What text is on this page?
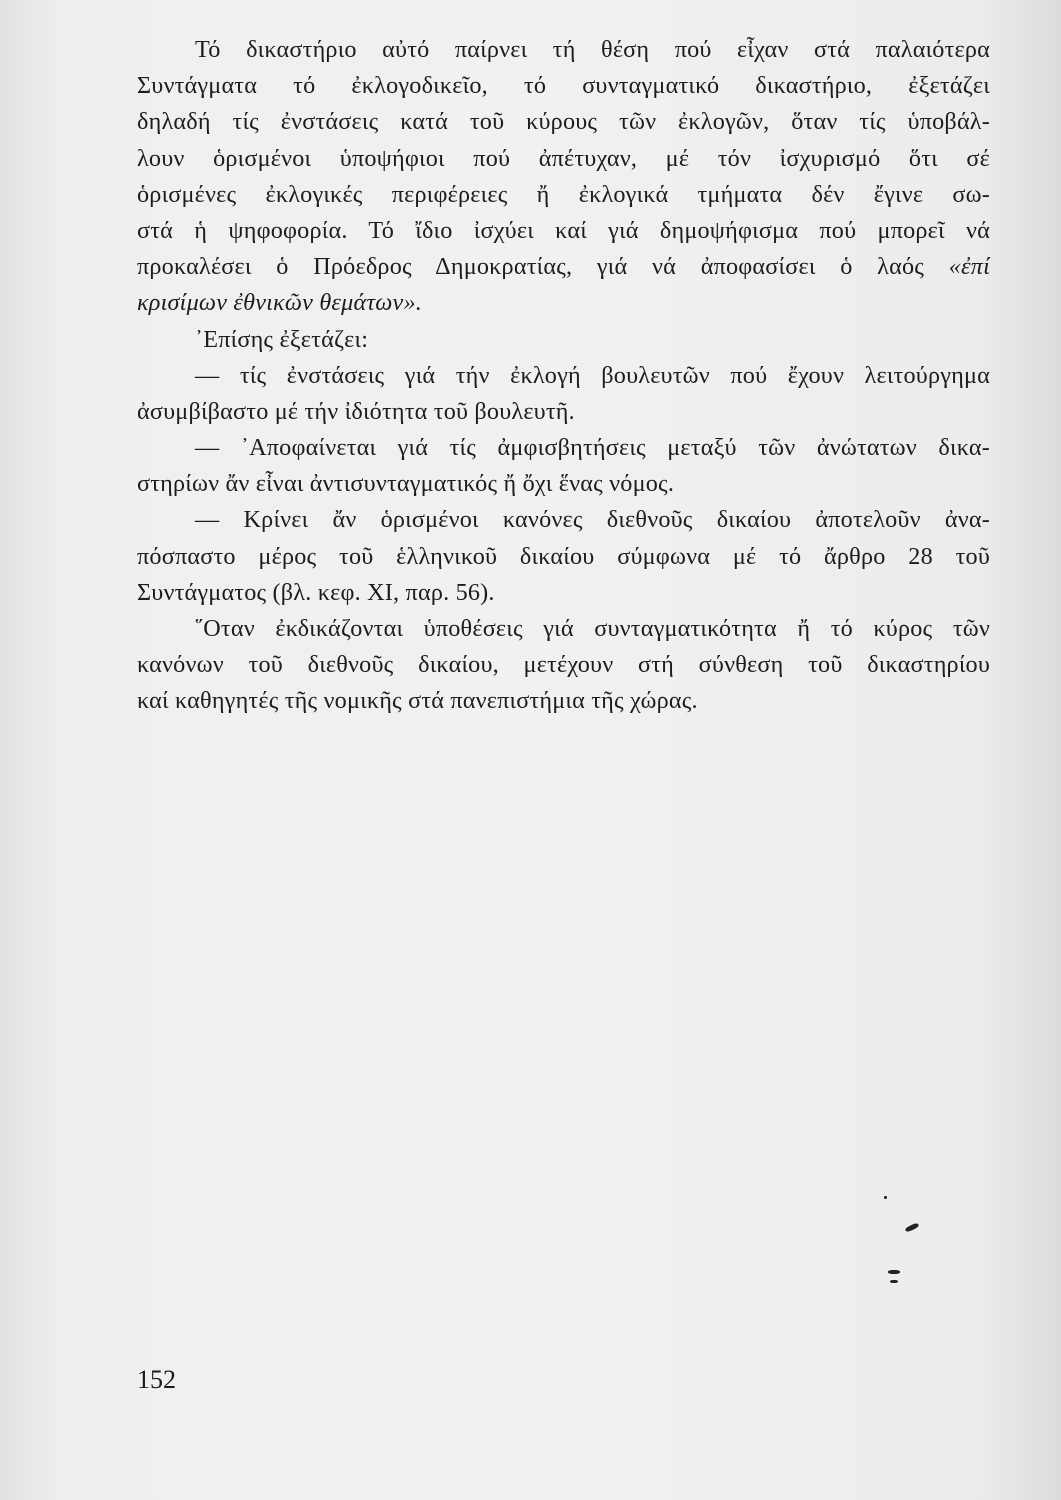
Τό δικαστήριο αὐτό παίρνει τή θέση πού εἶχαν στά παλαιότερα
Συντάγματα τό ἐκλογοδικεῖο, τό συνταγματικό δικαστήριο, ἐξετάζει
δηλαδή τίς ἐνστάσεις κατά τοῦ κύρους τῶν ἐκλογῶν, ὅταν τίς ὑποβάλ-
λουν ὁρισμένοι ὑποψήφιοι πού ἀπέτυχαν, μέ τόν ἰσχυρισμό ὅτι σέ
ὁρισμένες ἐκλογικές περιφέρειες ἤ ἐκλογικά τμήματα δέν ἔγινε σω-
στά ἡ ψηφοφορία. Τό ἴδιο ἰσχύει καί γιά δημοψήφισμα πού μπορεῖ νά
προκαλέσει ὁ Πρόεδρος Δημοκρατίας, γιά νά ἀποφασίσει ὁ λαός «ἐπί
κρισίμων ἐθνικῶν θεμάτων».
᾿Επίσης ἐξετάζει:
— τίς ἐνστάσεις γιά τήν ἐκλογή βουλευτῶν πού ἔχουν λειτούργημα
ἀσυμβίβαστο μέ τήν ἰδιότητα τοῦ βουλευτῆ.
— ᾿Αποφαίνεται γιά τίς ἀμφισβητήσεις μεταξύ τῶν ἀνώτατων δικα-
στηρίων ἄν εἶναι ἀντισυνταγματικός ἤ ὄχι ἕνας νόμος.
— Κρίνει ἄν ὁρισμένοι κανόνες διεθνοῦς δικαίου ἀποτελοῦν ἀνα-
πόσπαστο μέρος τοῦ ἑλληνικοῦ δικαίου σύμφωνα μέ τό ἄρθρο 28 τοῦ
Συντάγματος (βλ. κεφ. XI, παρ. 56).
῞Οταν ἐκδικάζονται ὑποθέσεις γιά συνταγματικότητα ἤ τό κύρος τῶν
κανόνων τοῦ διεθνοῦς δικαίου, μετέχουν στή σύνθεση τοῦ δικαστηρίου
καί καθηγητές τῆς νομικῆς στά πανεπιστήμια τῆς χώρας.
152
